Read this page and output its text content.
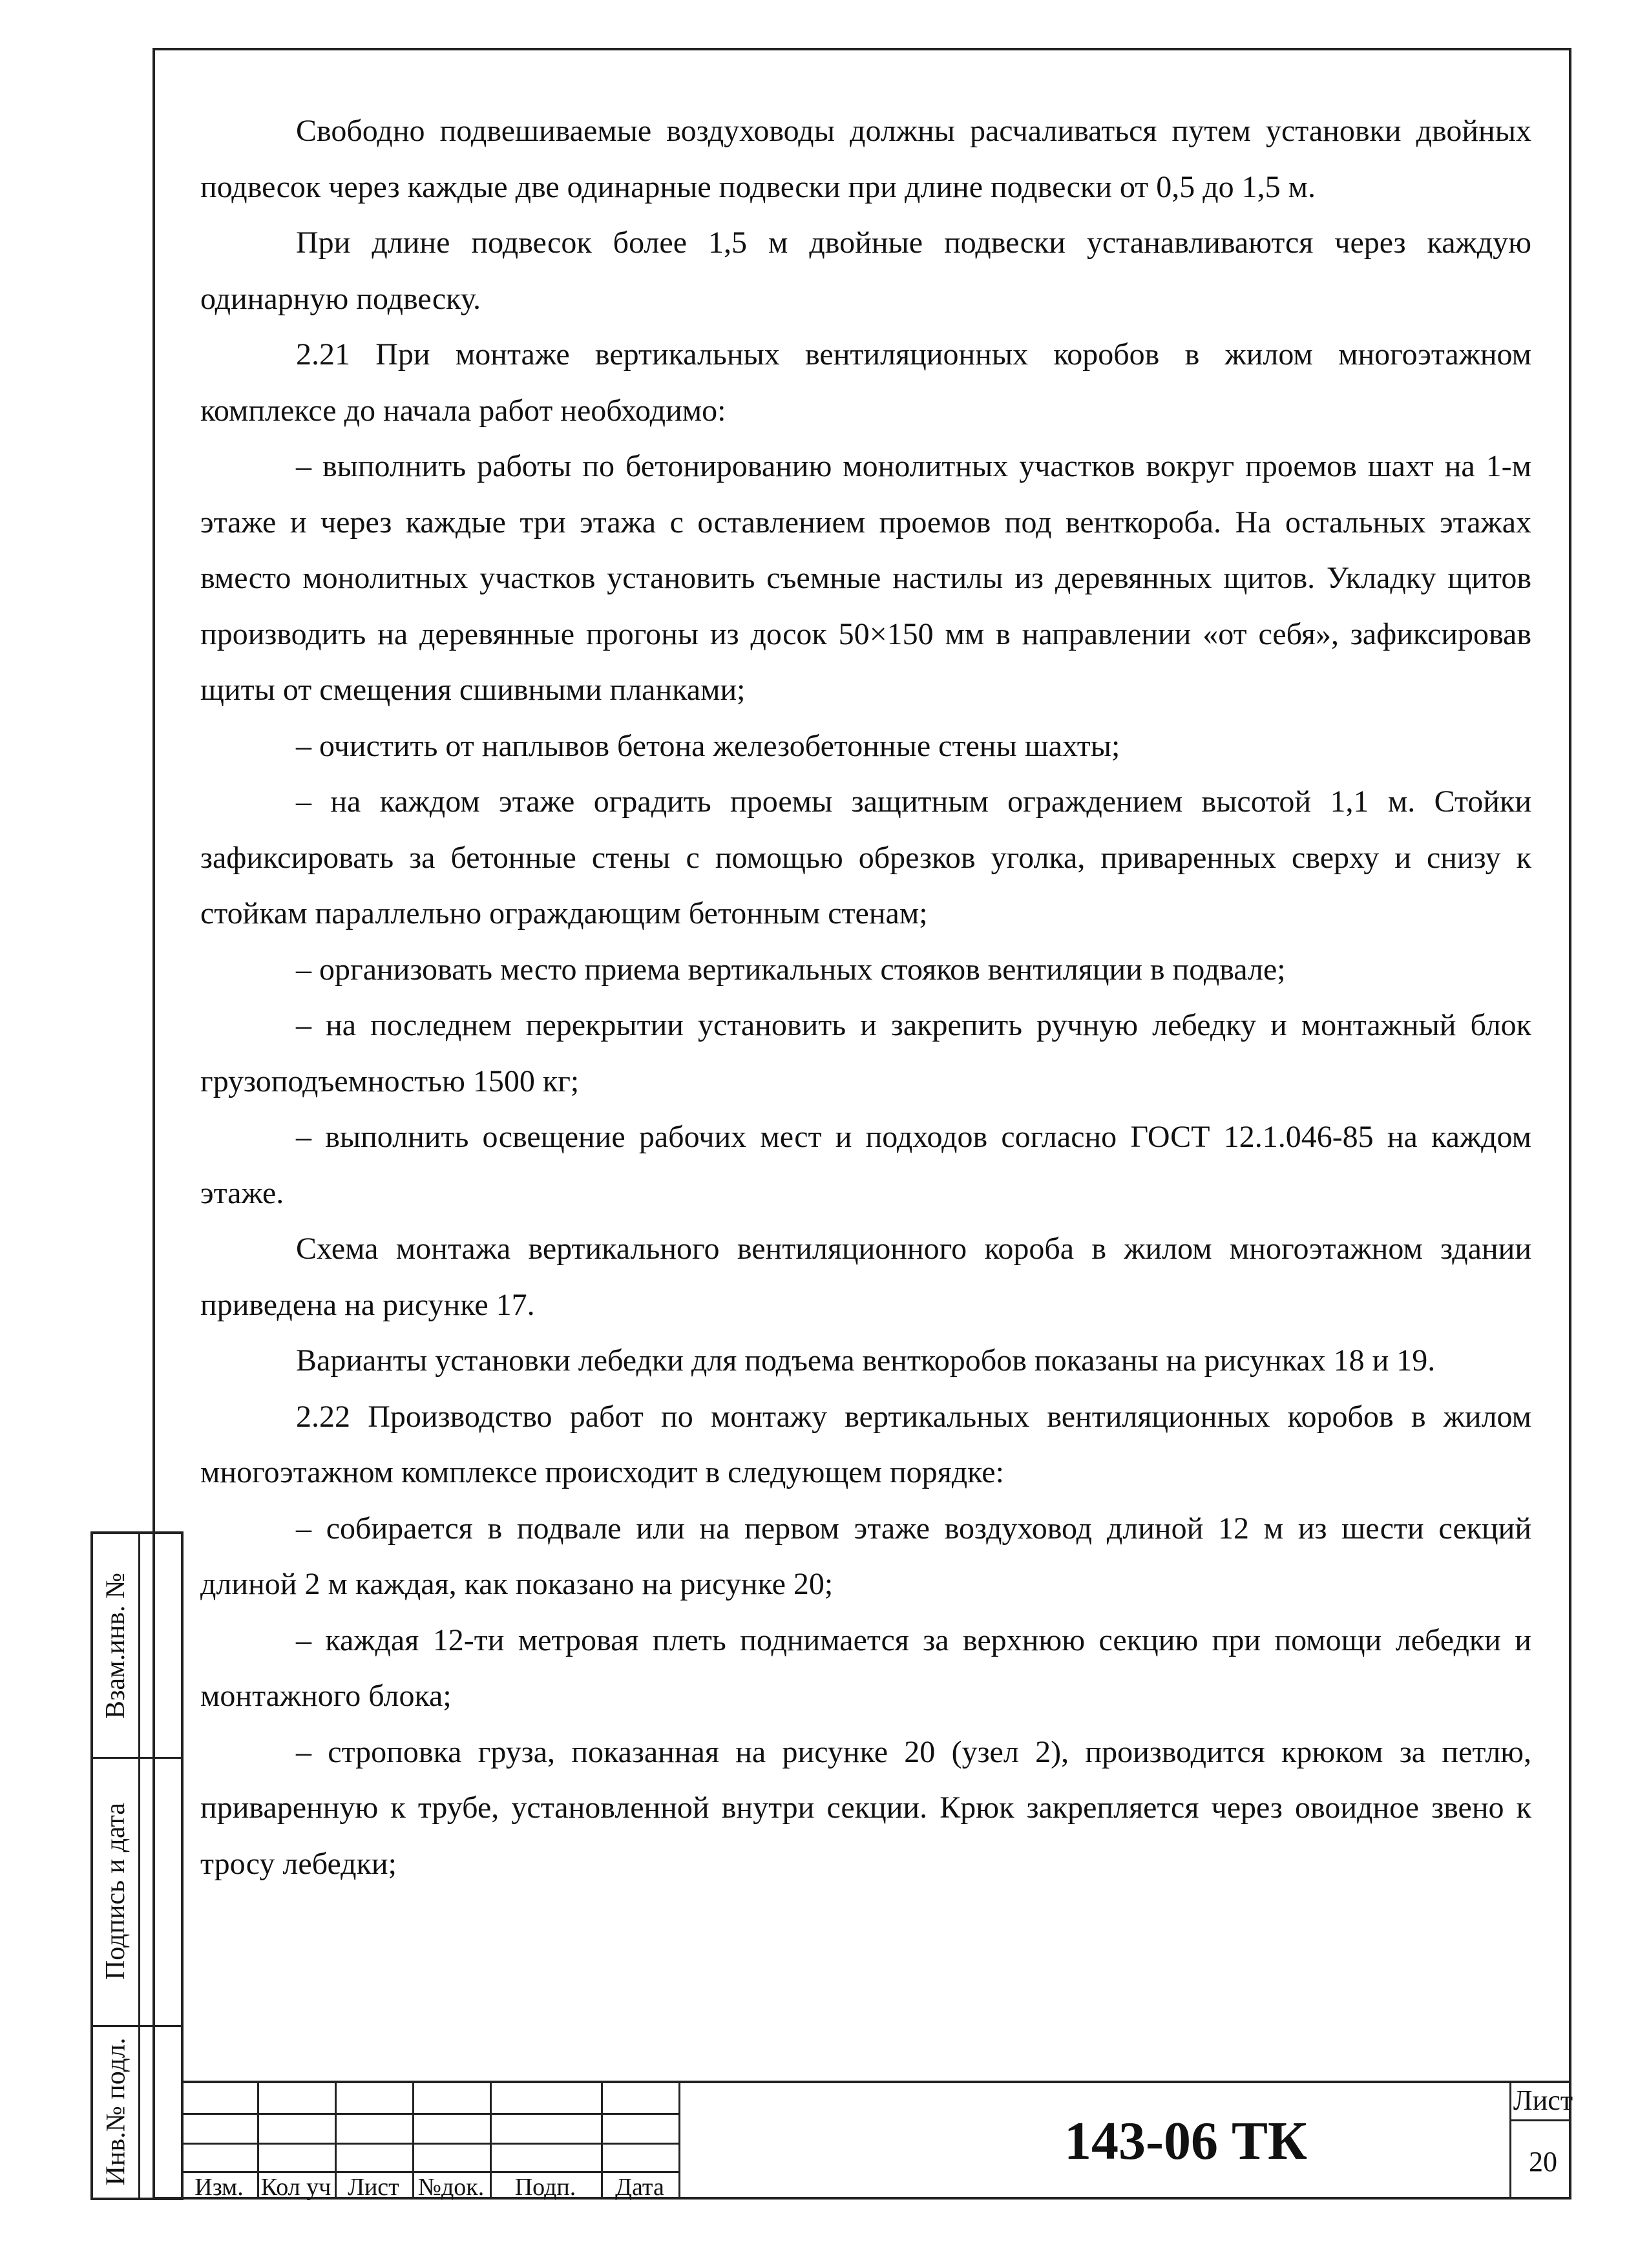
Свободно подвешиваемые воздуховоды должны расчаливаться путем установки двойных подвесок через каждые две одинарные подвески при длине подвески от 0,5 до 1,5 м.

При длине подвесок более 1,5 м двойные подвески устанавливаются через каждую одинарную подвеску.

2.21 При монтаже вертикальных вентиляционных коробов в жилом многоэтажном комплексе до начала работ необходимо:

– выполнить работы по бетонированию монолитных участков вокруг проемов шахт на 1-м этаже и через каждые три этажа с оставлением проемов под венткороба. На остальных этажах вместо монолитных участков установить съемные настилы из деревянных щитов. Укладку щитов производить на деревянные прогоны из досок 50×150 мм в направлении «от себя», зафиксировав щиты от смещения сшивными планками;

– очистить от наплывов бетона железобетонные стены шахты;

– на каждом этаже оградить проемы защитным ограждением высотой 1,1 м. Стойки зафиксировать за бетонные стены с помощью обрезков уголка, приваренных сверху и снизу к стойкам параллельно ограждающим бетонным стенам;

– организовать место приема вертикальных стояков вентиляции в подвале;

– на последнем перекрытии установить и закрепить ручную лебедку и монтажный блок грузоподъемностью 1500 кг;

– выполнить освещение рабочих мест и подходов согласно ГОСТ 12.1.046-85 на каждом этаже.

Схема монтажа вертикального вентиляционного короба в жилом многоэтажном здании приведена на рисунке 17.

Варианты установки лебедки для подъема венткоробов показаны на рисунках 18 и 19.

2.22 Производство работ по монтажу вертикальных вентиляционных коробов в жилом многоэтажном комплексе происходит в следующем порядке:

– собирается в подвале или на первом этаже воздуховод длиной 12 м из шести секций длиной 2 м каждая, как показано на рисунке 20;

– каждая 12-ти метровая плеть поднимается за верхнюю секцию при помощи лебедки и монтажного блока;

– строповка груза, показанная на рисунке 20 (узел 2), производится крюком за петлю, приваренную к трубе, установленной внутри секции. Крюк закрепляется через овоидное звено к тросу лебедки;

Взам.инв. №
Подпись и дата
Инв.№ подл.
Изм. Кол уч Лист №док.	Подп.	Дата
143-06 ТК
Лист
20
